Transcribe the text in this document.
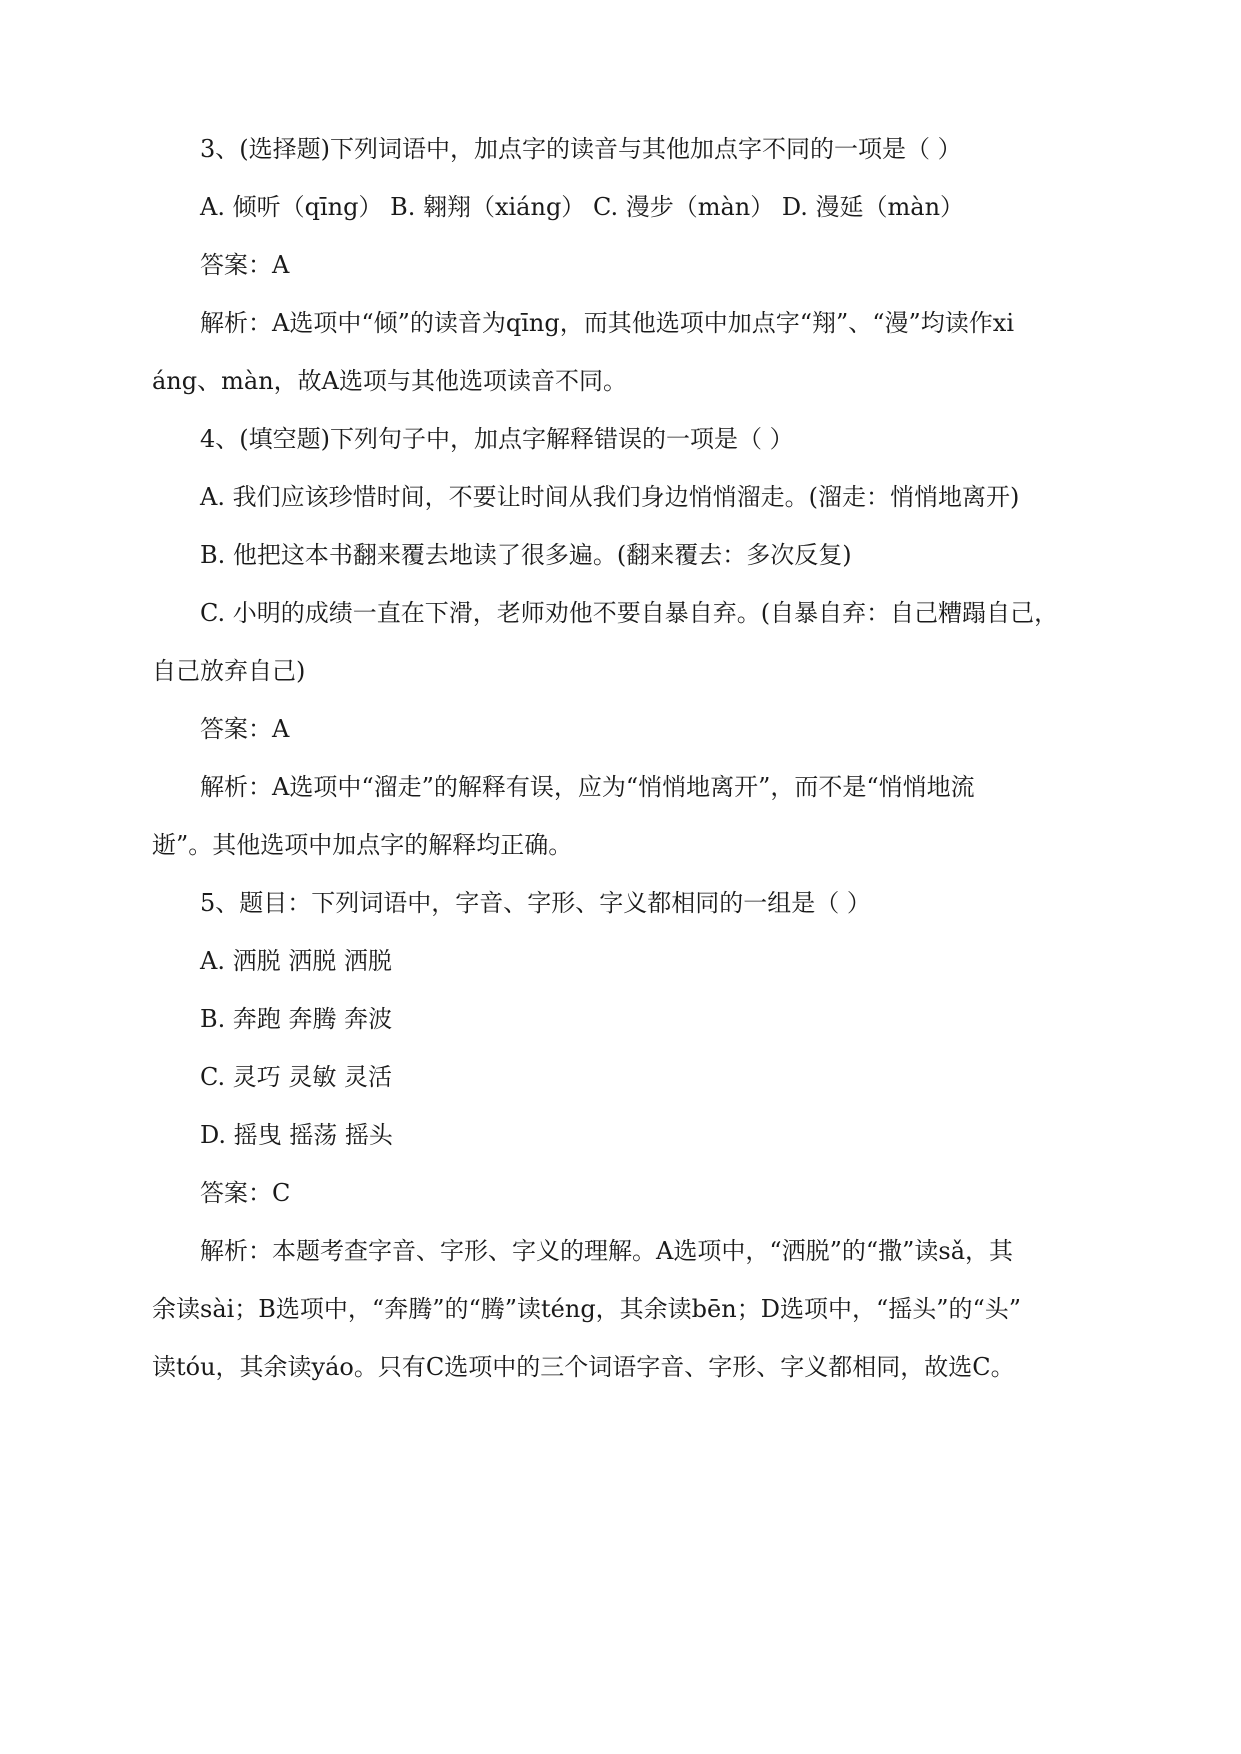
3、(选择题)下列词语中，加点字的读音与其他加点字不同的一项是（ ）
A. 倾听（qīng） B. 翱翔（xiáng） C. 漫步（màn） D. 漫延（màn）
答案：A
解析：A选项中“倾”的读音为qīng，而其他选项中加点字“翔”、“漫”均读作xi
áng、màn，故A选项与其他选项读音不同。
4、(填空题)下列句子中，加点字解释错误的一项是（ ）
A. 我们应该珍惜时间，不要让时间从我们身边悄悄溜走。(溜走：悄悄地离开)
B. 他把这本书翻来覆去地读了很多遍。(翻来覆去：多次反复)
C. 小明的成绩一直在下滑，老师劝他不要自暴自弃。(自暴自弃：自己糟蹋自己，
自己放弃自己)
答案：A
解析：A选项中“溜走”的解释有误，应为“悄悄地离开”，而不是“悄悄地流
逝”。其他选项中加点字的解释均正确。
5、题目：下列词语中，字音、字形、字义都相同的一组是（ ）
A. 洒脱 洒脱 洒脱
B. 奔跑 奔腾 奔波
C. 灵巧 灵敏 灵活
D. 摇曳 摇荡 摇头
答案：C
解析：本题考查字音、字形、字义的理解。A选项中，“洒脱”的“撒”读sǎ，其
余读sài；B选项中，“奔腾”的“腾”读téng，其余读bēn；D选项中，“摇头”的“头”
读tóu，其余读yáo。只有C选项中的三个词语字音、字形、字义都相同，故选C。
